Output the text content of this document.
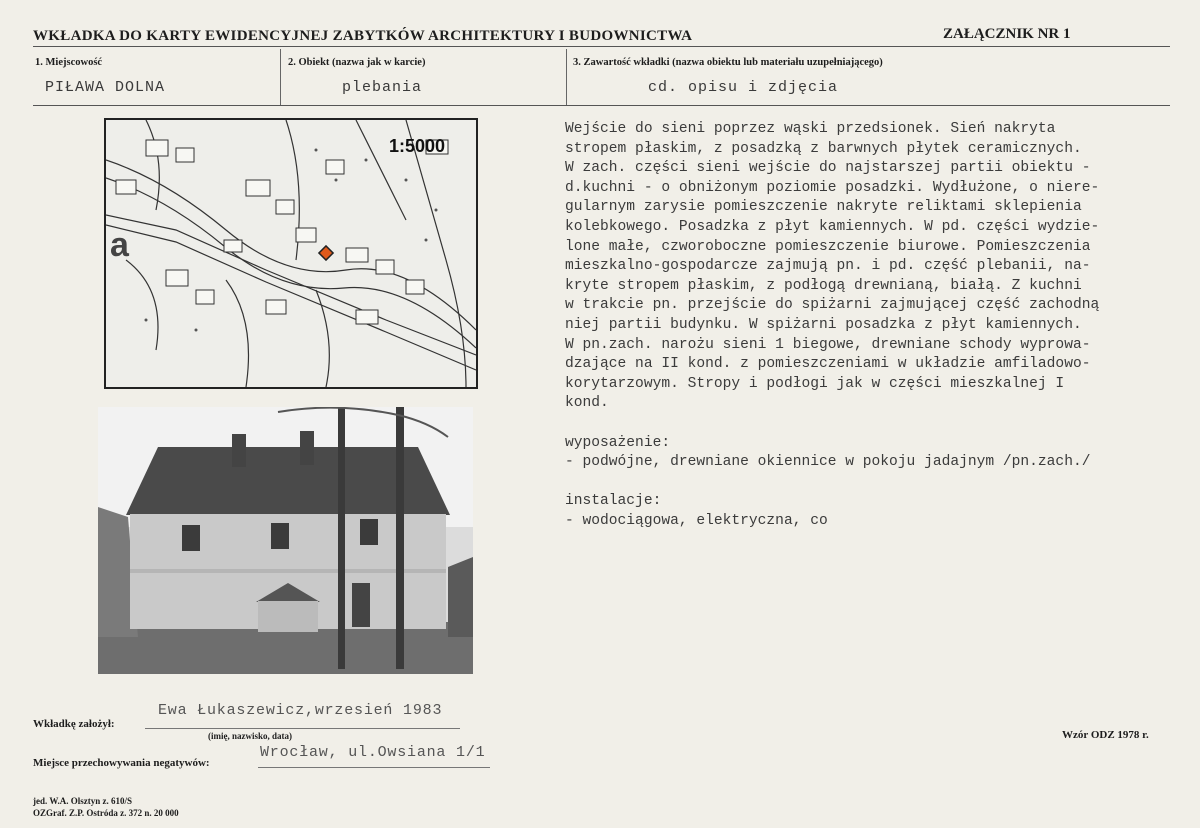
WKŁADKA DO KARTY EWIDENCYJNEJ ZABYTKÓW ARCHITEKTURY I BUDOWNICTWA	ZAŁĄCZNIK NR 1
1. Miejscowość
PIŁAWA DOLNA
2. Obiekt (nazwa jak w karcie)
plebania
3. Zawartość wkładki (nazwa obiektu lub materiału uzupełniającego)
cd. opisu i zdjęcia
1:5000
a
Wejście do sieni poprzez wąski przedsionek. Sień nakryta
stropem płaskim, z posadzką z barwnych płytek ceramicznych.
W zach. części sieni wejście do najstarszej partii obiektu -
d.kuchni - o obniżonym poziomie posadzki. Wydłużone, o niere-
gularnym zarysie pomieszczenie nakryte reliktami sklepienia
kolebkowego. Posadzka z płyt kamiennych. W pd. części wydzie-
lone małe, czworoboczne pomieszczenie biurowe. Pomieszczenia
mieszkalno-gospodarcze zajmują pn. i pd. część plebanii, na-
kryte stropem płaskim, z podłogą drewnianą, białą. Z kuchni
w trakcie pn. przejście do spiżarni zajmującej część zachodną
niej partii budynku. W spiżarni posadzka z płyt kamiennych.
W pn.zach. narożu sieni 1 biegowe, drewniane schody wyprowa-
dzające na II kond. z pomieszczeniami w układzie amfiladowo-
korytarzowym. Stropy i podłogi jak w części mieszkalnej I
kond.

wyposażenie:
- podwójne, drewniane okiennice w pokoju jadajnym /pn.zach./

instalacje:
- wodociągowa, elektryczna, co
Wkładkę założył:
Ewa Łukaszewicz,wrzesień 1983
(imię, nazwisko, data)
Miejsce przechowywania negatywów:
Wrocław, ul.Owsiana 1/1
Wzór ODZ 1978 r.
jed. W.A. Olsztyn z. 610/S
OZGraf. Z.P. Ostróda z. 372 n. 20 000
